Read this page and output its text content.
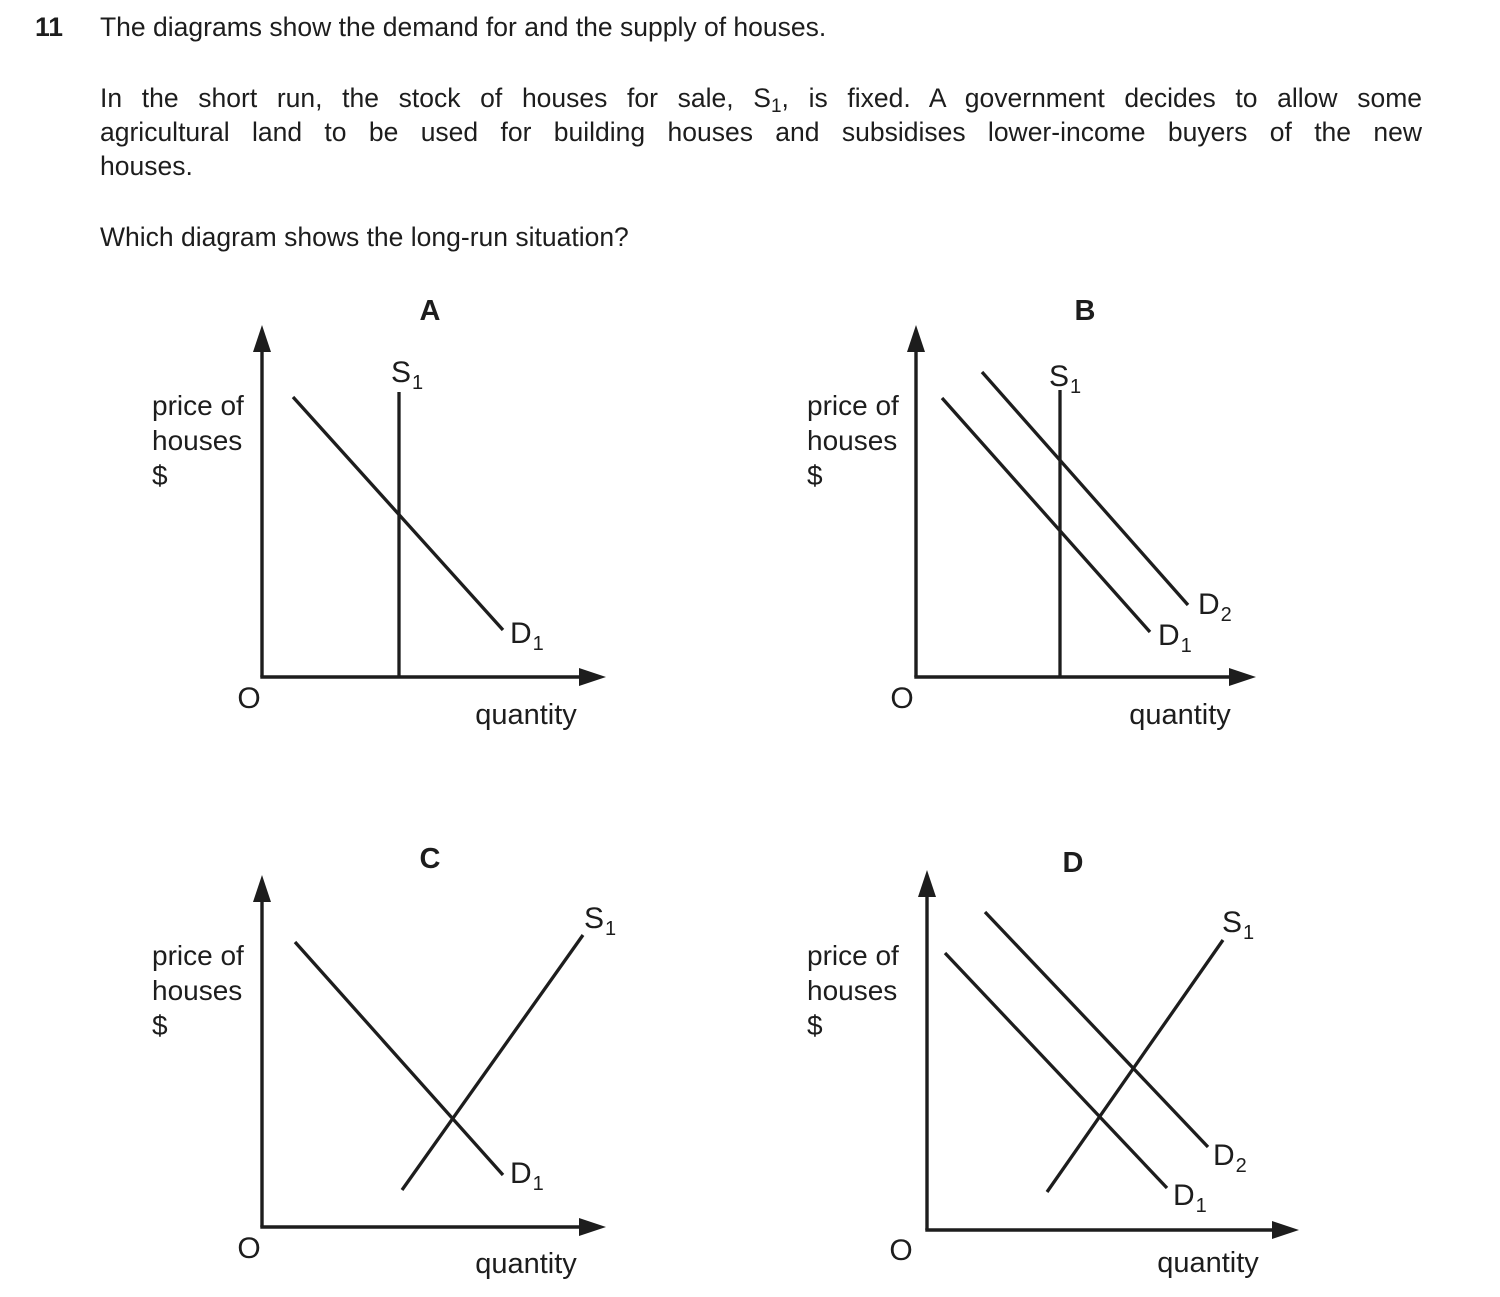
11	The diagrams show the demand for and the supply of houses.
In the short run, the stock of houses for sale, S1, is fixed. A government decides to allow some
agricultural land to be used for building houses and subsidises lower-income buyers of the new
houses.
Which diagram shows the long-run situation?
A
price of
houses
$
O	quantity
$S_1$
$D_1$
B
price of
houses
$
O	quantity
$S_1$
$D_1$
$D_2$
C
price of
houses
$
O	quantity
$D_1$
$S_1$
D
price of
houses
$
O	quantity
$D_1$
$D_2$
$S_1$
